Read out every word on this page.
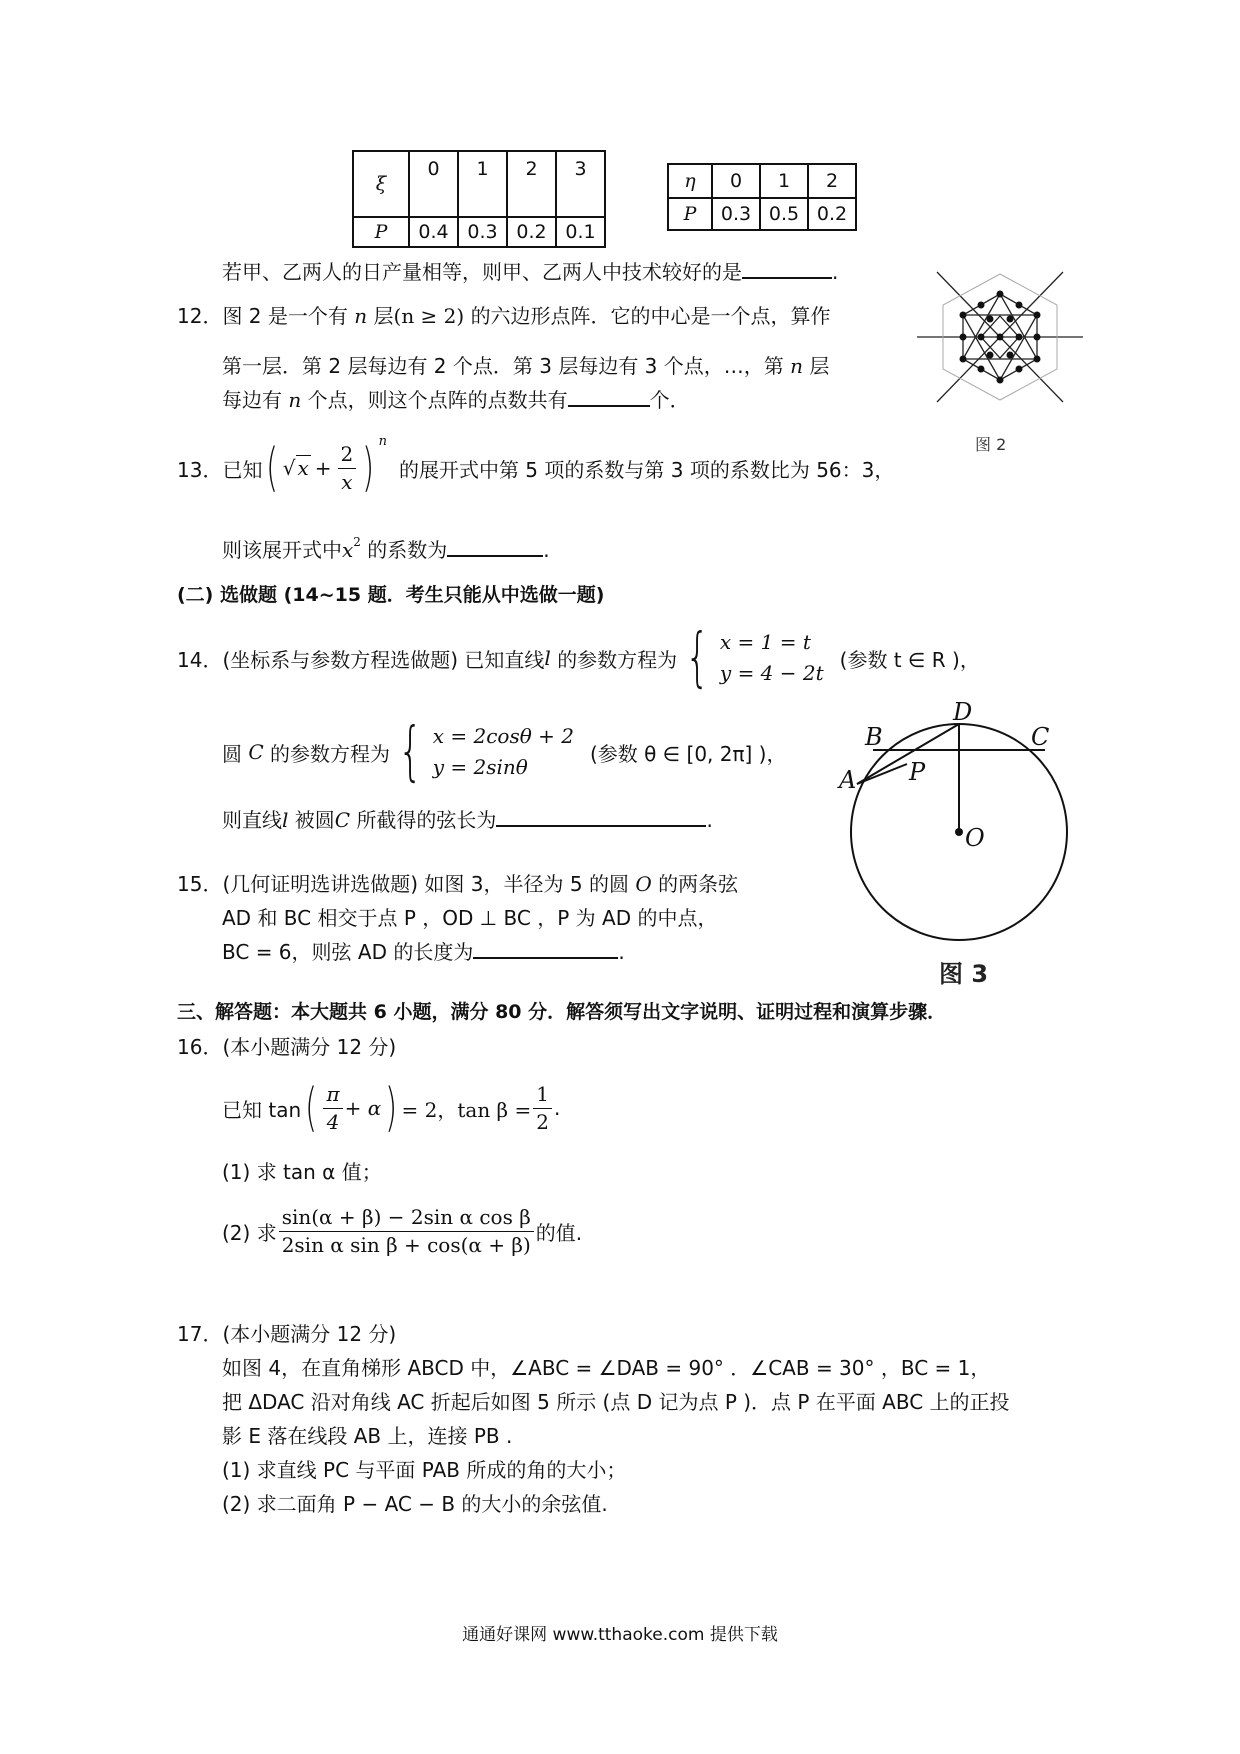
ξ	0	1	2	3
P	0.4	0.3	0.2	0.1
η	0	1	2
P	0.3	0.5	0.2
若甲、乙两人的日产量相等，则甲、乙两人中技术较好的是	.
图 2
12．图 2 是一个有 n 层(n ≥ 2) 的六边形点阵．它的中心是一个点，算作
第一层．第 2 层每边有 2 个点．第 3 层每边有 3 个点，…，第 n 层
每边有 n 个点，则这个点阵的点数共有	个．
13． 已知 ( √ $x + \frac{2}{x}$ ) n
的展开式中第 5 项的系数与第 3 项的系数比为 56：3，
则该展开式中$x^2$ 的系数为	.
(二) 选做题 (14~15 题．考生只能从中选做一题)
14． (坐标系与参数方程选做题)
已知直线 l
的参数方程为 { x = 1 = t
y = 4 − 2t
(参数 t ∈ R )，
圆
C
的参数方程为 { x = 2cosθ + 2
y = 2sinθ
(参数 θ ∈ [0, 2π] )，
则直线l 被圆C 所截得的弦长为	.
D
B	C
A P
O
图 3
15．(几何证明选讲选做题) 如图 3，半径为 5 的圆 O 的两条弦
AD 和 BC 相交于点 P ，OD ⊥ BC ，P 为 AD 的中点，
BC = 6，则弦 AD 的长度为	.
三、解答题：本大题共 6 小题，满分 80 分．解答须写出文字说明、证明过程和演算步骤．
16．(本小题满分 12 分)
已知 tan ( $\frac{\pi}{4} + \alpha$ ) = 2，$\tan \beta = \frac{1}{2}$ .
(1) 求 tan α 值；
(2) 求 $\frac{\text{sin(α + β) − 2sin α cos β}}{\text{2sin α sin β + cos(α + β)}}$ 的值.
17．(本小题满分 12 分)
如图 4，在直角梯形 ABCD 中，∠ABC = ∠DAB = 90° ．∠CAB = 30° ，BC = 1，
把 ΔDAC 沿对角线 AC 折起后如图 5 所示 (点 D 记为点 P )．点 P 在平面 ABC 上的正投
影 E 落在线段 AB 上，连接 PB .
(1) 求直线 PC 与平面 PAB 所成的角的大小；
(2) 求二面角 P − AC − B 的大小的余弦值.
通通好课网 www.tthaoke.com 提供下载
